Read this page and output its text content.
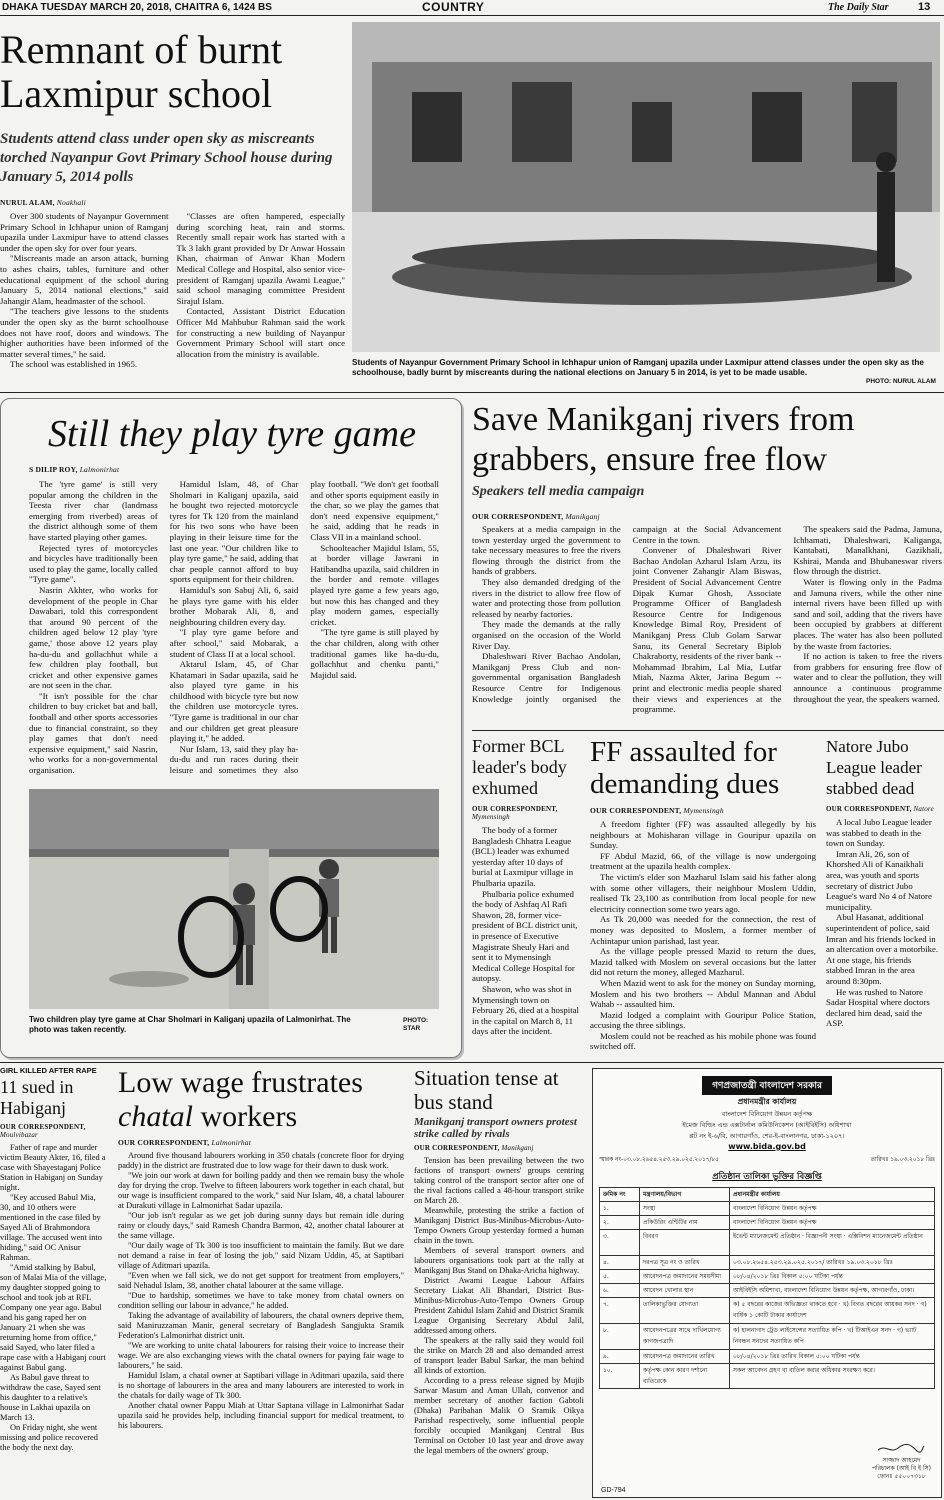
DHAKA TUESDAY MARCH 20, 2018, CHAITRA 6, 1424 BS	COUNTRY	The Daily Star	13
Remnant of burnt Laxmipur school

Students attend class under open sky as miscreants torched Nayanpur Govt Primary School house during January 5, 2014 polls

NURUL ALAM, Noakhali

Over 300 students of Nayanpur Government Primary School in Ichhapur union of Ramganj upazila under Laxmipur have to attend classes under the open sky for over four years.

"Miscreants made an arson attack, burning to ashes chairs, tables, furniture and other educational equipment of the school during January 5, 2014 national elections," said Jahangir Alam, headmaster of the school.

"The teachers give lessons to the students under the open sky as the burnt schoolhouse does not have roof, doors and windows. The higher authorities have been informed of the matter several times," he said.

The school was established in 1965.

"Classes are often hampered, especially during scorching heat, rain and storms. Recently small repair work has started with a Tk 3 lakh grant provided by Dr Anwar Hossain Khan, chairman of Anwar Khan Modern Medical College and Hospital, also senior vice-president of Ramganj upazila Awami League," said school managing committee President Sirajul Islam.

Contacted, Assistant District Education Officer Md Mahbubur Rahman said the work for constructing a new building of Nayanpur Government Primary School will start once allocation from the ministry is available.

Students of Nayanpur Government Primary School in Ichhapur union of Ramganj upazila under Laxmipur attend classes under the open sky as the schoolhouse, badly burnt by miscreants during the national elections on January 5 in 2014, is yet to be made usable.

PHOTO: NURUL ALAM
Still they play tyre game
S DILIP ROY, Lalmonirhat

The 'tyre game' is still very popular among the children in the Teesta river char (landmass emerging from riverbed) areas of the district although some of them have started playing other games.

Rejected tyres of motorcycles and bicycles have traditionally been used to play the game, locally called "Tyre game".

Nasrin Akhter, who works for development of the people in Char Dawabari, told this correspondent that around 90 percent of the children aged below 12 play 'tyre game,' those above 12 years play ha-du-du and gollachhut while a few children play football, but cricket and other expensive games are not seen in the char.

"It isn't possible for the char children to buy cricket bat and ball, football and other sports accessories due to financial constraint, so they play games that don't need expensive equipment," said Nasrin, who works for a non-governmental organisation.

Hamidul Islam, 48, of Char Sholmari in Kaliganj upazila, said he bought two rejected motorcycle tyres for Tk 120 from the mainland for his two sons who have been playing in their leisure time for the last one year. "Our children like to play tyre game," he said, adding that char people cannot afford to buy sports equipment for their children.

Hamidul's son Sabuj Ali, 6, said he plays tyre game with his elder brother Mobarak Ali, 8, and neighbouring children every day.

"I play tyre game before and after school," said Mobarak, a student of Class II at a local school.

Aktarul Islam, 45, of Char Khatamari in Sadar upazila, said he also played tyre game in his childhood with bicycle tyre but now the children use motorcycle tyres. "Tyre game is traditional in our char and our children get great pleasure playing it," he added.

Nur Islam, 13, said they play ha-du-du and run races during their leisure and sometimes they also play football. "We don't get football and other sports equipment easily in the char, so we play the games that don't need expensive equipment," he said, adding that he reads in Class VII in a mainland school.

Schoolteacher Majidul Islam, 55, at border village Jawrani in Hatibandha upazila, said children in the border and remote villages played tyre game a few years ago, but now this has changed and they play modern games, especially cricket.

"The tyre game is still played by the char children, along with other traditional games like ha-du-du, gollachhut and chenku panti," Majidul said.

Two children play tyre game at Char Sholmari in Kaliganj upazila of Lalmonirhat. The photo was taken recently.

PHOTO: STAR
Save Manikganj rivers from grabbers, ensure free flow

Speakers tell media campaign

OUR CORRESPONDENT, Manikganj

Speakers at a media campaign in the town yesterday urged the government to take necessary measures to free the rivers flowing through the district from the hands of grabbers.

They also demanded dredging of the rivers in the district to allow free flow of water and protecting those from pollution released by nearby factories.

They made the demands at the rally organised on the occasion of the World River Day.

Dhaleshwari River Bachao Andolan, Manikganj Press Club and non-governmental organisation Bangladesh Resource Centre for Indigenous Knowledge jointly organised the campaign at the Social Advancement Centre in the town.

Convener of Dhaleshwari River Bachao Andolan Azharul Islam Arzu, its joint Convener Zahangir Alam Biswas, President of Social Advancement Centre Dipak Kumar Ghosh, Associate Programme Officer of Bangladesh Resource Centre for Indigenous Knowledge Bimal Roy, President of Manikganj Press Club Golam Sarwar Sanu, its General Secretary Biplob Chakraborty, residents of the river bank -- Mohammad Ibrahim, Lal Mia, Lutfar Miah, Nazma Akter, Jarina Begum -- print and electronic media people shared their views and experiences at the programme.

The speakers said the Padma, Jamuna, Ichhamati, Dhaleshwari, Kaliganga, Kantabati, Manalkhani, Gazikhali, Kshirai, Manda and Bhubaneswar rivers flow through the district.

Water is flowing only in the Padma and Jamuna rivers, while the other nine internal rivers have been filled up with sand and soil, adding that the rivers have been occupied by grabbers at different places. The water has also been polluted by the waste from factories.

If no action is taken to free the rivers from grabbers for ensuring free flow of water and to clear the pollution, they will announce a continuous programme throughout the year, the speakers warned.

Former BCL leader's body exhumed
OUR CORRESPONDENT, Mymensingh

The body of a former Bangladesh Chhatra League (BCL) leader was exhumed yesterday after 10 days of burial at Laxmipur village in Phulbaria upazila.

Phulbaria police exhumed the body of Ashfaq Al Rafi Shawon, 28, former vice-president of BCL district unit, in presence of Executive Magistrate Sheuly Hari and sent it to Mymensingh Medical College Hospital for autopsy.

Shawon, who was shot in Mymensingh town on February 26, died at a hospital in the capital on March 8, 11 days after the incident.

FF assaulted for demanding dues
OUR CORRESPONDENT, Mymensingh

A freedom fighter (FF) was assaulted allegedly by his neighbours at Mohisharan village in Gouripur upazila on Sunday.

FF Abdul Mazid, 66, of the village is now undergoing treatment at the upazila health complex.

The victim's elder son Mazharul Islam said his father along with some other villagers, their neighbour Moslem Uddin, realised Tk 23,100 as contribution from local people for new electricity connection some two years ago.

As Tk 20,000 was needed for the connection, the rest of money was deposited to Moslem, a former member of Achintapur union parishad, last year.

As the village people pressed Mazid to return the dues, Mazid talked with Moslem on several occasions but the latter did not return the money, alleged Mazharul.

When Mazid went to ask for the money on Sunday morning, Moslem and his two brothers -- Abdul Mannan and Abdul Wahab -- assaulted him.

Mazid lodged a complaint with Gouripur Police Station, accusing the three siblings.

Moslem could not be reached as his mobile phone was found switched off.

Natore Jubo League leader stabbed dead
OUR CORRESPONDENT, Natore

A local Jubo League leader was stabbed to death in the town on Sunday.

Imran Ali, 26, son of Khorshed Ali of Kanaikhali area, was youth and sports secretary of district Jubo League's ward No 4 of Natore municipality.

Abul Hasanat, additional superintendent of police, said Imran and his friends locked in an altercation over a motorbike. At one stage, his friends stabbed Imran in the area around 8:30pm.

He was rushed to Natore Sadar Hospital where doctors declared him dead, said the ASP.

GIRL KILLED AFTER RAPE
11 sued in Habiganj
OUR CORRESPONDENT, Moulvibazar

Father of rape and murder victim Beauty Akter, 16, filed a case with Shayestaganj Police Station in Habiganj on Sunday night.

"Key accused Babul Mia, 30, and 10 others were mentioned in the case filed by Sayed Ali of Brahmondora village. The accused went into hiding," said OC Anisur Rahman.

"Amid stalking by Babul, son of Malai Mia of the village, my daughter stopped going to school and took job at RFL Company one year ago. Babul and his gang raped her on January 21 when she was returning home from office," said Sayed, who later filed a rape case with a Habiganj court against Babul gang.

As Babul gave threat to withdraw the case, Sayed sent his daughter to a relative's house in Lakhai upazila on March 13.

On Friday night, she went missing and police recovered the body the next day.

Low wage frustrates chatal workers
OUR CORRESPONDENT, Lalmonirhat

Around five thousand labourers working in 350 chatals (concrete floor for drying paddy) in the district are frustrated due to low wage for their dawn to dusk work.

"We join our work at dawn for boiling paddy and then we remain busy the whole day for drying the crop. Twelve to fifteen labourers work together in each chatal, but our wage is insufficient compared to the work," said Nur Islam, 48, a chatal labourer at Durakuti village in Lalmonirhat Sadar upazila.

"Our job isn't regular as we get job during sunny days but remain idle during rainy or cloudy days," said Ramesh Chandra Barmon, 42, another chatal labourer at the same village.

"Our daily wage of Tk 300 is too insufficient to maintain the family. But we dare not demand a raise in fear of losing the job," said Nizam Uddin, 45, at Saptibari village of Aditmari upazila.

"Even when we fall sick, we do not get support for treatment from employers," said Nehadul Islam, 38, another chatal labourer at the same village.

"Due to hardship, sometimes we have to take money from chatal owners on condition selling our labour in advance," he added.

Taking the advantage of availability of labourers, the chatal owners deprive them, said Maniruzzaman Manir, general secretary of Bangladesh Sangjukta Sramik Federation's Lalmonirhat district unit.

"We are working to unite chatal labourers for raising their voice to increase their wage. We are also exchanging views with the chatal owners for paying fair wage to labourers," he said.

Hamidul Islam, a chatal owner at Saptibari village in Aditmari upazila, said there is no shortage of labourers in the area and many labourers are interested to work in the chatals for daily wage of Tk 300.

Another chatal owner Pappu Miah at Uttar Saptana village in Lalmonirhat Sadar upazila said he provides help, including financial support for medical treatment, to his labourers.

Situation tense at bus stand

Manikganj transport owners protest strike called by rivals

OUR CORRESPONDENT, Manikganj

Tension has been prevailing between the two factions of transport owners' groups centring taking control of the transport sector after one of the rival factions called a 48-hour transport strike on March 28.

Meanwhile, protesting the strike a faction of Manikganj District Bus-Minibus-Microbus-Auto-Tempo Owners Group yesterday formed a human chain in the town.

Members of several transport owners and labourers organisations took part at the rally at Manikganj Bus Stand on Dhaka-Aricha highway.

District Awami League Labour Affairs Secretary Liakat Ali Bhandari, District Bus-Minibus-Microbus-Auto-Tempo Owners Group President Zahidul Islam Zahid and District Sramik League Organising Secretary Abdul Jalil, addressed among others.

The speakers at the rally said they would foil the strike on March 28 and also demanded arrest of transport leader Babul Sarkar, the man behind all kinds of extortion.

According to a press release signed by Mujib Sarwar Masum and Aman Ullah, convenor and member secretary of another faction Gabtoli (Dhaka) Paribahan Malik O Sramik Oikya Parishad respectively, some influential people forcibly occupied Manikganj Central Bus Terminal on October 10 last year and drove away the legal members of the owners' group.

গণপ্রজাতন্ত্রী বাংলাদেশ সরকার
প্রধানমন্ত্রীর কার্যালয়
বাংলাদেশ বিনিয়োগ উন্নয়ন কর্তৃপক্ষ
ইমেজ বিল্ডিং এন্ড এক্সটার্নাল কমিউনিকেশন (আইবিইসি) অধিশাখা
প্লট নং ই-৬/বি, আগারগাঁও, শের-ই-বাংলানগর, ঢাকা-১২০৭।
www.bida.gov.bd
স্মারক নং-০৩.০৮.২৬৫৪.২৫৩.২৯.০২৫.২০১৭/৮৫	তারিখঃ ১৯.০৩.২০১৮ খ্রিঃ
প্রতিষ্ঠান তালিকা ভুক্তির বিজ্ঞপ্তি
ক্রমিক নং	মন্ত্রণালয়/বিভাগ	প্রধানমন্ত্রীর কার্যালয়
১.	সংস্থা	বাংলাদেশ বিনিয়োগ উন্নয়ন কর্তৃপক্ষ
২.	প্রকিউরিং এন্টিটির নাম	বাংলাদেশ বিনিয়োগ উন্নয়ন কর্তৃপক্ষ
৩.	বিবরণ	ইভেন্ট ম্যানেজমেন্ট প্রতিষ্ঠান · বিজ্ঞাপনী সংস্থা · এক্সিবিশন ম্যানেজমেন্ট প্রতিষ্ঠান
৪.	দরপত্র সূত্র নং ও তারিখ	০৩.০৮.২৬৫৪.২৫৩.২৯.০২৫.২০১৭/ তারিখঃ ১৯.০৩.২০১৮ খ্রিঃ
৫.	আবেদনপত্র জমাদানের সময়সীমা	০৮/০৪/২০১৮ খ্রিঃ বিকাল ৫:০০ ঘটিকা পর্যন্ত
৬.	আবেদন খোলার স্থান	আইবিইসি অধিশাখা, বাংলাদেশ বিনিয়োগ উন্নয়ন কর্তৃপক্ষ, আগারগাঁও, ঢাকা।
৭.	তালিকাভুক্তির যোগ্যতা	ক) ৫ বছরের কাজের অভিজ্ঞতা থাকতে হবে · খ) বিগত বছরের আয়কর সনদ · গ) বার্ষিক ১ কোটি টাকার কার্যাদেশ
৮.	আবেদনপত্রের সাথে দাখিলযোগ্য কাগজপত্রাদি	ক) হালনাগাদ ট্রেড লাইসেন্সের সত্যায়িত কপি · খ) টিআইএন সনদ · গ) ভ্যাট নিবন্ধন সনদের সত্যায়িত কপি
৯.	আবেদনপত্র জমাদানের তারিখ	০৮/০৪/২০১৮ খ্রিঃ তারিখ বিকাল ৫:০০ ঘটিকা পর্যন্ত
১০.	কর্তৃপক্ষ কোন কারণ দর্শানো ব্যতিরেকে	সকল আবেদন গ্রহণ বা বাতিল করার অধিকার সংরক্ষণ করে।
সাজ্জাদ আহমেদ
পরিচালক (আই বি ই সি)
ফোনঃ ৫৫০০৭৩১৮
GD-794
